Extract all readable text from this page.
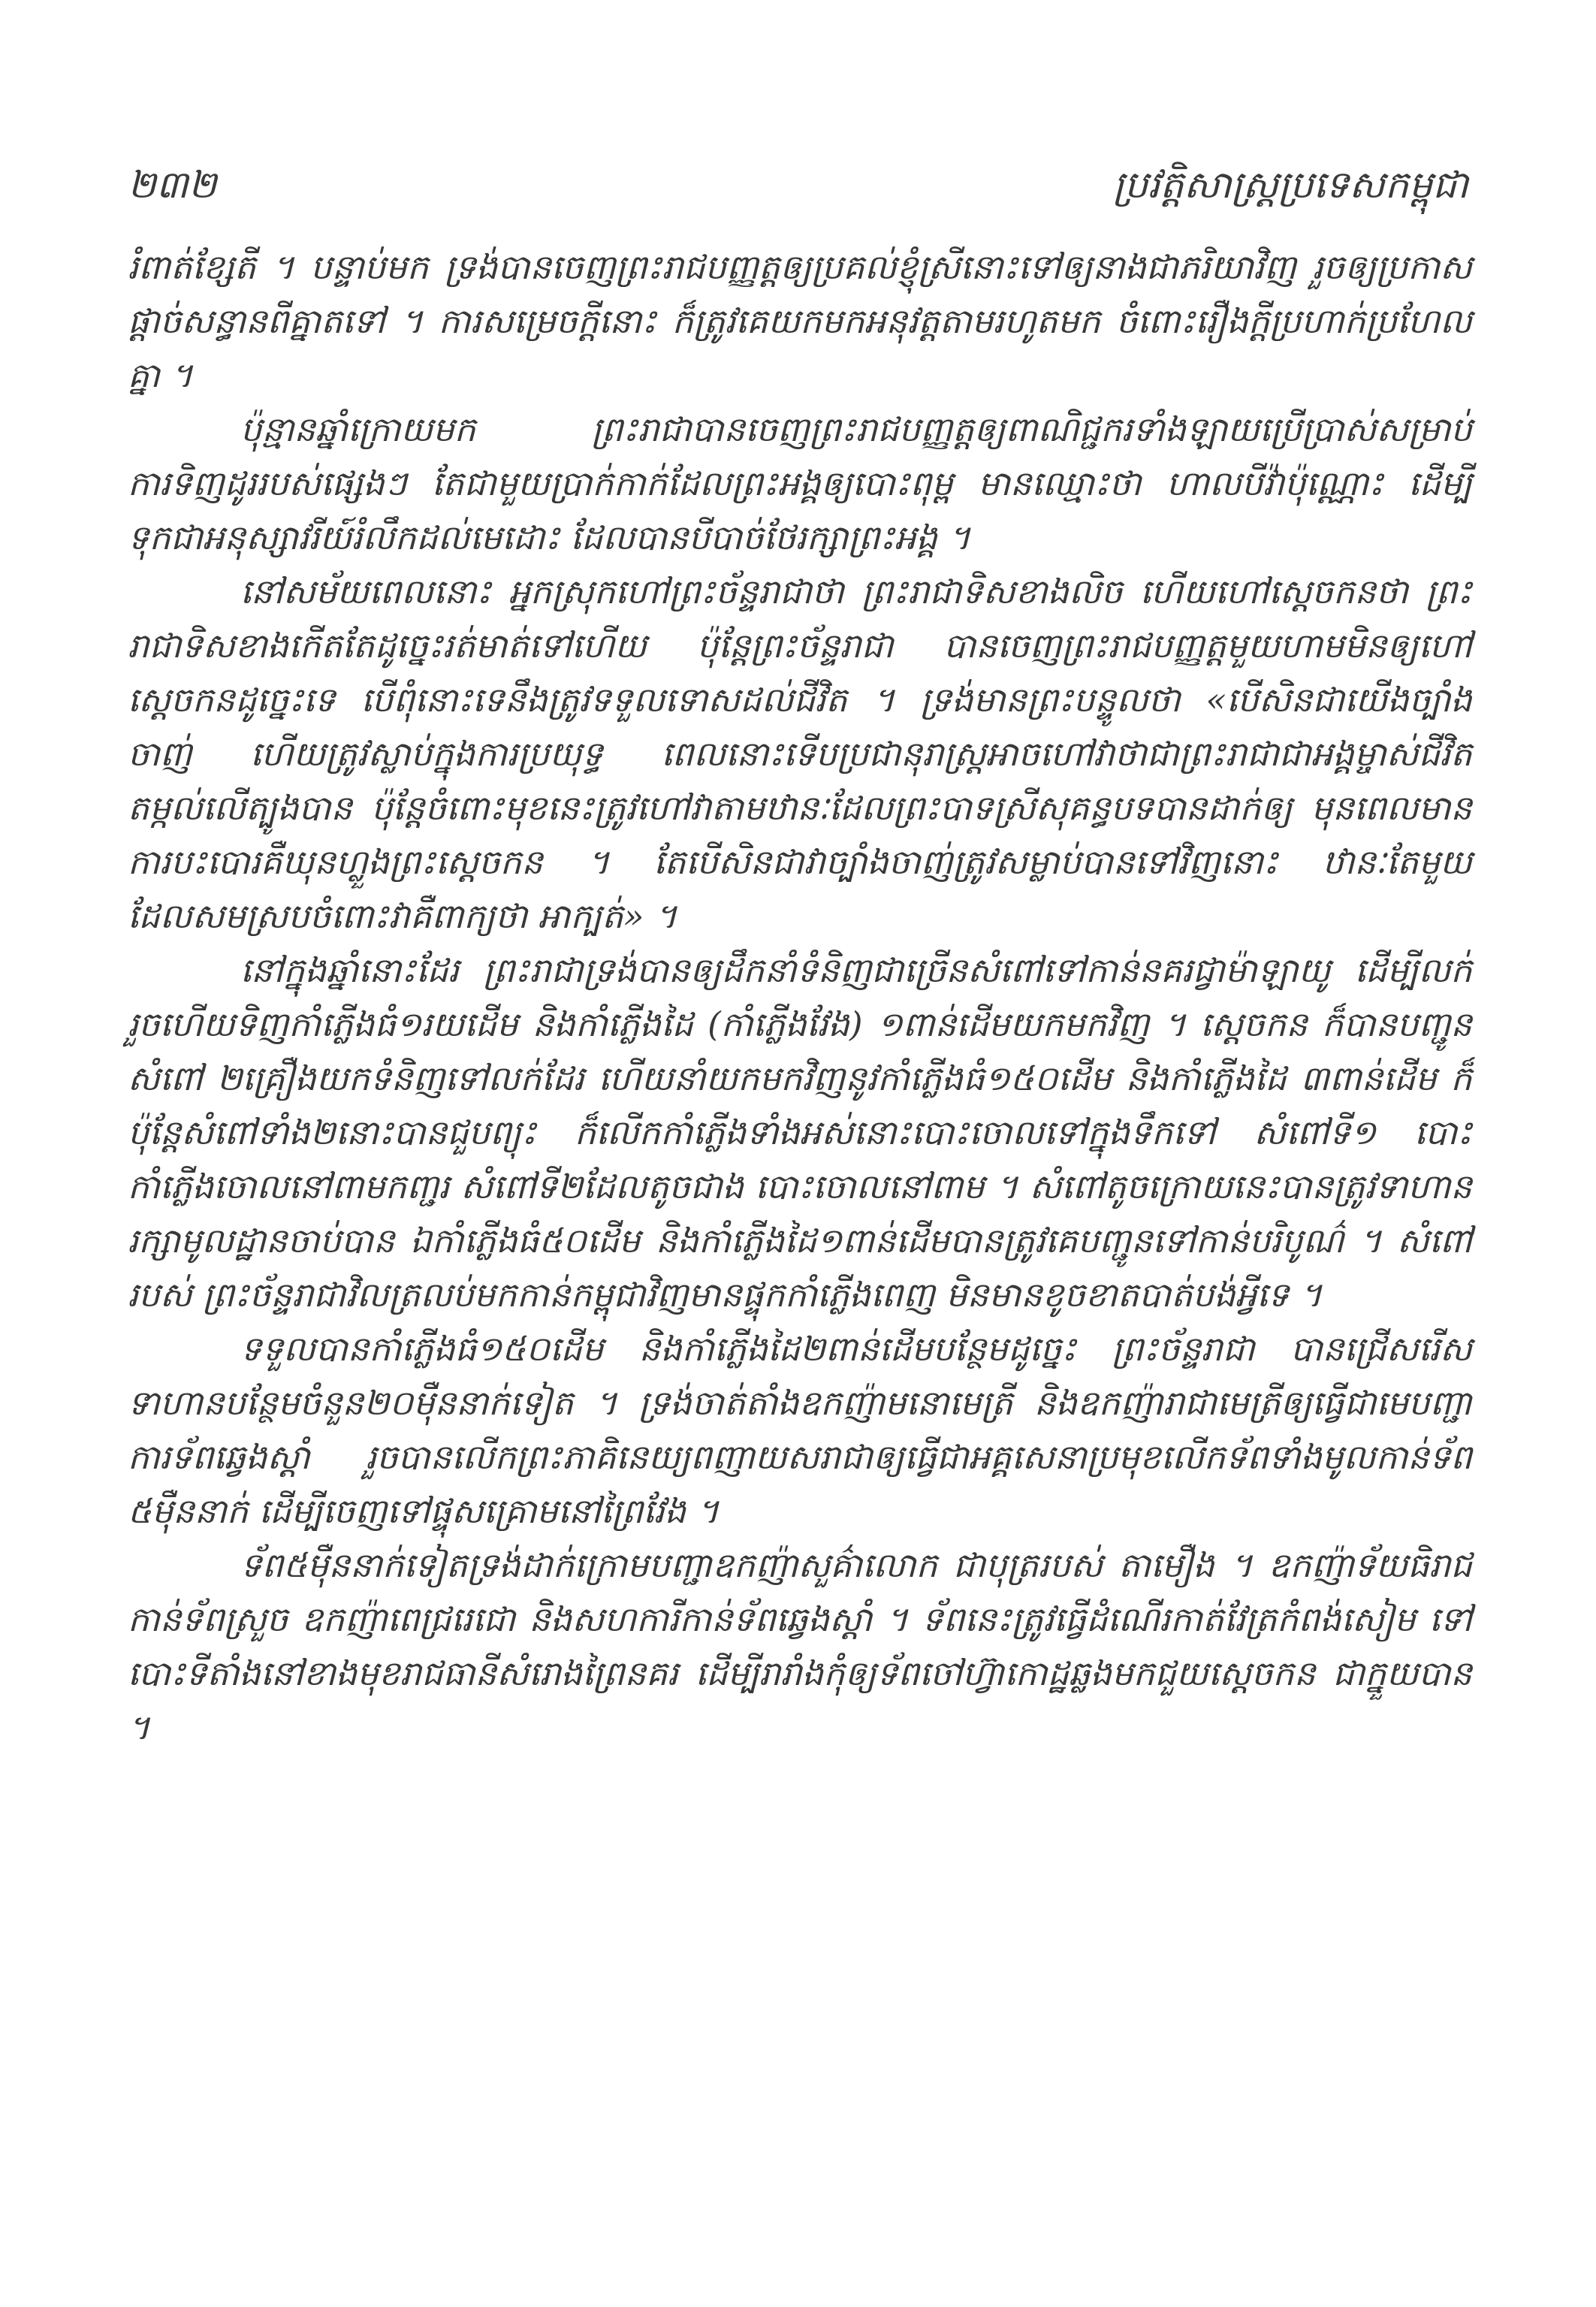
២៣២	ប្រវត្តិសាស្ត្រប្រទេសកម្ពុជា

រំពាត់ខ្សែតី ។ បន្ទាប់មក ទ្រង់បានចេញព្រះរាជបញ្ញត្តឲ្យប្រគល់ខ្ញុំស្រីនោះទៅឲ្យនាងជាភរិយាវិញ រួចឲ្យប្រកាសផ្ដាច់សន្ធានពីគ្នាតទៅ ។ ការសម្រេចក្ដីនោះ ក៏ត្រូវគេយកមកអនុវត្តតាមរហូតមក ចំពោះរឿងក្ដីប្រហាក់ប្រហែលគ្នា ។

ប៉ុន្មានឆ្នាំក្រោយមក ព្រះរាជាបានចេញព្រះរាជបញ្ញត្តឲ្យពាណិជ្ជករទាំងឡាយប្រើប្រាស់សម្រាប់ការទិញដូររបស់ផ្សេងៗ តែជាមួយប្រាក់កាក់ដែលព្រះអង្គឲ្យបោះពុម្ព មានឈ្មោះថា ហាលបីវ៉ាប៉ុណ្ណោះ ដើម្បីទុកជាអនុស្សាវរីយ៍រំលឹកដល់មេដោះ ដែលបានបីបាច់ថែរក្សាព្រះអង្គ ។

នៅសម័យពេលនោះ អ្នកស្រុកហៅព្រះច័ន្ទរាជាថា ព្រះរាជាទិសខាងលិច ហើយហៅស្ដេចកនថា ព្រះរាជាទិសខាងកើតតែដូច្នេះរត់មាត់ទៅហើយ ប៉ុន្តែព្រះច័ន្ទរាជា បានចេញព្រះរាជបញ្ញត្តមួយហាមមិនឲ្យហៅស្ដេចកនដូច្នេះទេ បើពុំនោះទេនឹងត្រូវទទួលទោសដល់ជីវិត ។ ទ្រង់មានព្រះបន្ទូលថា «បើសិនជាយើងច្បាំងចាញ់ ហើយត្រូវស្លាប់ក្នុងការប្រយុទ្ធ ពេលនោះទើបប្រជានុរាស្ត្រអាចហៅវាថាជាព្រះរាជាជាអង្គម្ចាស់ជីវិតតម្កល់លើត្បូងបាន ប៉ុន្តែចំពោះមុខនេះត្រូវហៅវាតាមឋានៈដែលព្រះបាទស្រីសុគន្ធបទបានដាក់ឲ្យ មុនពេលមានការបះបោរគឺឃុនហ្លួងព្រះស្ដេចកន ។ តែបើសិនជាវាច្បាំងចាញ់ត្រូវសម្លាប់បានទៅវិញនោះ ឋានៈតែមួយដែលសមស្របចំពោះវាគឺពាក្យថា អាក្បត់» ។

នៅក្នុងឆ្នាំនោះដែរ ព្រះរាជាទ្រង់បានឲ្យដឹកនាំទំនិញជាច្រើនសំពៅទៅកាន់នគរជ្វាម៉ាឡាយូ ដើម្បីលក់ រួចហើយទិញកាំភ្លើងធំ១រយដើម និងកាំភ្លើងដៃ (កាំភ្លើងវែង) ១ពាន់ដើមយកមកវិញ ។ ស្ដេចកន ក៏បានបញ្ជូនសំពៅ ២គ្រឿងយកទំនិញទៅលក់ដែរ ហើយនាំយកមកវិញនូវកាំភ្លើងធំ១៥០ដើម និងកាំភ្លើងដៃ ៣ពាន់ដើម ក៏ប៉ុន្តែសំពៅទាំង២នោះបានជួបព្យុះ ក៏លើកកាំភ្លើងទាំងអស់នោះបោះចោលទៅក្នុងទឹកទៅ សំពៅទី១ បោះកាំភ្លើងចោលនៅពាមកញ្ជរ សំពៅទី២ដែលតូចជាង បោះចោលនៅពាម ។ សំពៅតូចក្រោយនេះបានត្រូវទាហានរក្សាមូលដ្ឋានចាប់បាន ឯកាំភ្លើងធំ៥០ដើម និងកាំភ្លើងដៃ១ពាន់ដើមបានត្រូវគេបញ្ជូនទៅកាន់បរិបូណ៌ ។ សំពៅរបស់ ព្រះច័ន្ទរាជាវិលត្រលប់មកកាន់កម្ពុជាវិញមានផ្ទុកកាំភ្លើងពេញ មិនមានខូចខាតបាត់បង់អ្វីទេ ។

ទទួលបានកាំភ្លើងធំ១៥០ដើម និងកាំភ្លើងដៃ២ពាន់ដើមបន្ថែមដូច្នេះ ព្រះច័ន្ទរាជា បានជ្រើសរើសទាហានបន្ថែមចំនួន២០ម៉ឺននាក់ទៀត ។ ទ្រង់ចាត់តាំងឧកញ៉ាមនោមេត្រី និងឧកញ៉ារាជាមេត្រីឲ្យធ្វើជាមេបញ្ជាការទ័ពឆ្វេងស្ដាំ រួចបានលើកព្រះភាគិនេយ្យពញាយសរាជាឲ្យធ្វើជាអគ្គសេនាប្រមុខលើកទ័ពទាំងមូលកាន់ទ័ព ៥ម៉ឺននាក់ ដើម្បីចេញទៅផ្ទុសគ្រោមនៅព្រៃវែង ។

ទ័ព៥ម៉ឺននាក់ទៀតទ្រង់ដាក់ក្រោមបញ្ជាឧកញ៉ាសួគ៌ាលោក ជាបុត្ររបស់ តាមឿង ។ ឧកញ៉ាទ័យធិរាជកាន់ទ័ពស្រួច ឧកញ៉ាពេជ្ររេជោ និងសហការីកាន់ទ័ពឆ្វេងស្ដាំ ។ ទ័ពនេះត្រូវធ្វើដំណើរកាត់វែត្រកំពង់សៀម ទៅបោះទីតាំងនៅខាងមុខរាជធានីសំរោងព្រៃនគរ ដើម្បីរារាំងកុំឲ្យទ័ពចៅហ៊្វាកោដ្ឋឆ្លងមកជួយស្ដេចកន ជាក្នួយបាន ។
